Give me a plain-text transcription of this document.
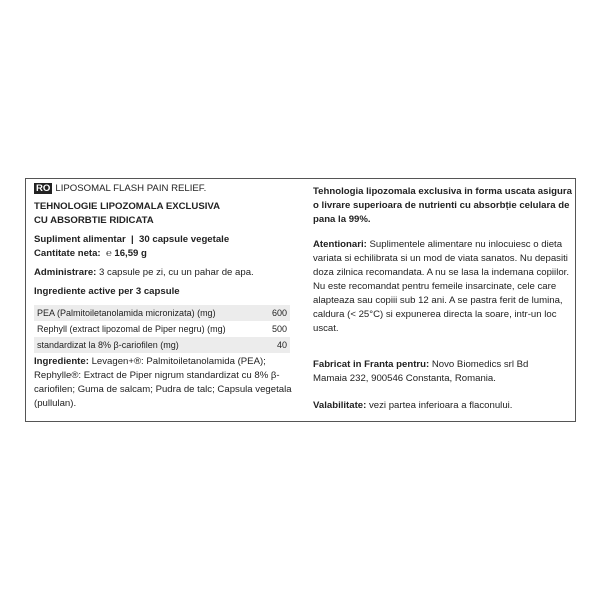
RO LIPOSOMAL FLASH PAIN RELIEF.
TEHNOLOGIE LIPOZOMALA EXCLUSIVA
CU ABSORBTIE RIDICATA
Supliment alimentar  |  30 capsule vegetale
Cantitate neta:  ℮ 16,59 g
Administrare: 3 capsule pe zi, cu un pahar de apa.
Ingrediente active per 3 capsule
PEA (Palmitoiletanolamida micronizata) (mg)	600
Rephyll (extract lipozomal de Piper negru) (mg)	500
standardizat la 8% β-cariofilen (mg)	40
Ingrediente: Levagen+®: Palmitoiletanolamida (PEA); Rephylle®: Extract de Piper nigrum standardizat cu 8% β-cariofilen; Guma de salcam; Pudra de talc; Capsula vegetala (pullulan).
Tehnologia lipozomala exclusiva in forma uscata asigura o livrare superioara de nutrienti cu absorbție celulara de pana la 99%.
Atentionari: Suplimentele alimentare nu inlocuiesc o dieta variata si echilibrata si un mod de viata sanatos. Nu depasiti doza zilnica recomandata. A nu se lasa la indemana copiilor. Nu este recomandat pentru femeile insarcinate, cele care alapteaza sau copiii sub 12 ani. A se pastra ferit de lumina, caldura (< 25°C) si expunerea directa la soare, intr-un loc uscat.
Fabricat in Franta pentru: Novo Biomedics srl Bd Mamaia 232, 900546 Constanta, Romania.
Valabilitate: vezi partea inferioara a flaconului.
